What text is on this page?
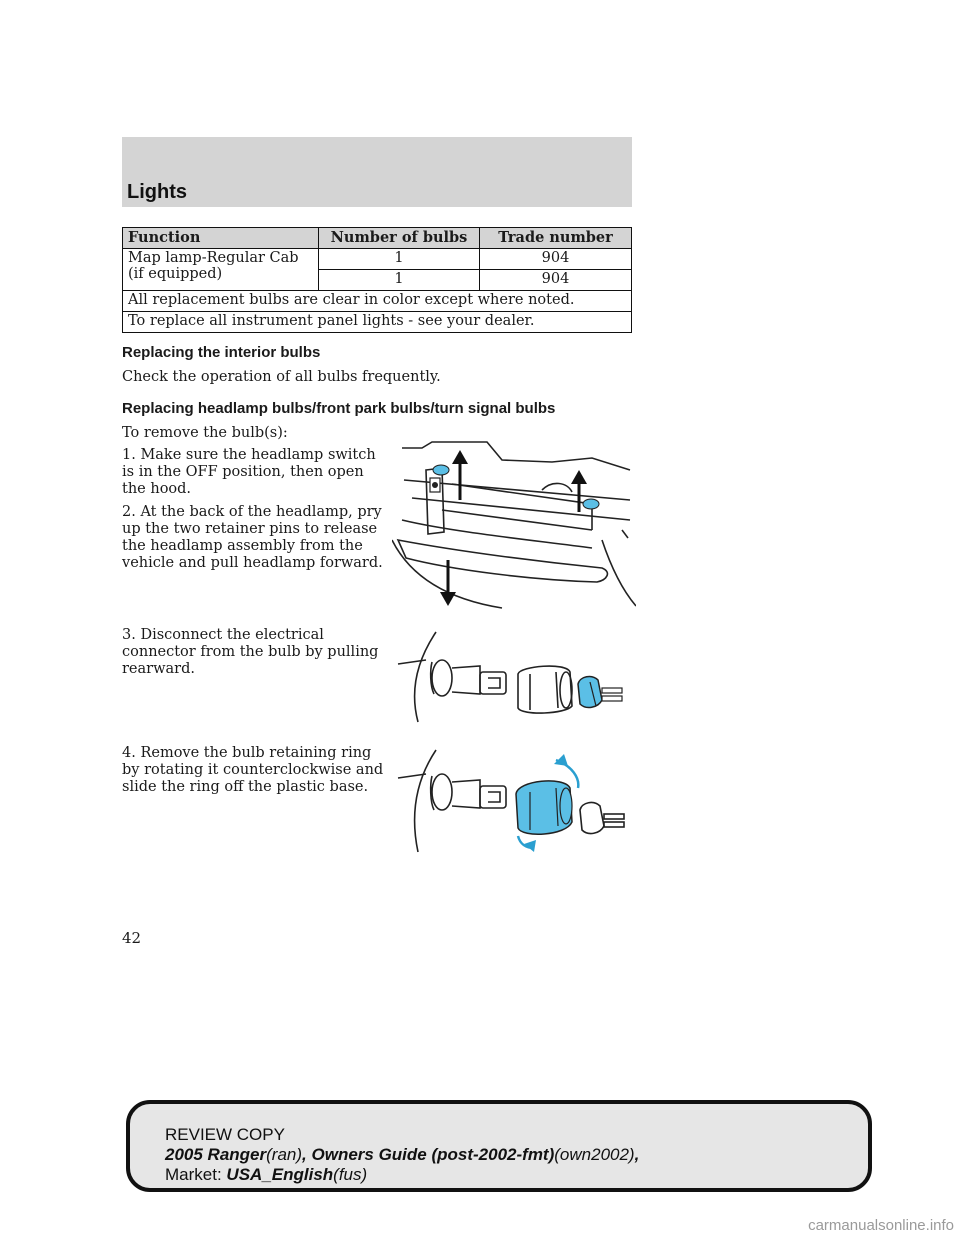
Lights
Function	Number of bulbs	Trade number
Map lamp-Regular Cab (if equipped)	1	904
	1	904
All replacement bulbs are clear in color except where noted.		
To replace all instrument panel lights - see your dealer.		
Replacing the interior bulbs
Check the operation of all bulbs frequently.
Replacing headlamp bulbs/front park bulbs/turn signal bulbs
To remove the bulb(s):
1. Make sure the headlamp switch is in the OFF position, then open the hood.
2. At the back of the headlamp, pry up the two retainer pins to release the headlamp assembly from the vehicle and pull headlamp forward.
3. Disconnect the electrical connector from the bulb by pulling rearward.
4. Remove the bulb retaining ring by rotating it counterclockwise and slide the ring off the plastic base.
42
REVIEW COPY
2005 Ranger(ran), Owners Guide (post-2002-fmt)(own2002),
Market: USA_English(fus)
carmanualsonline.info
